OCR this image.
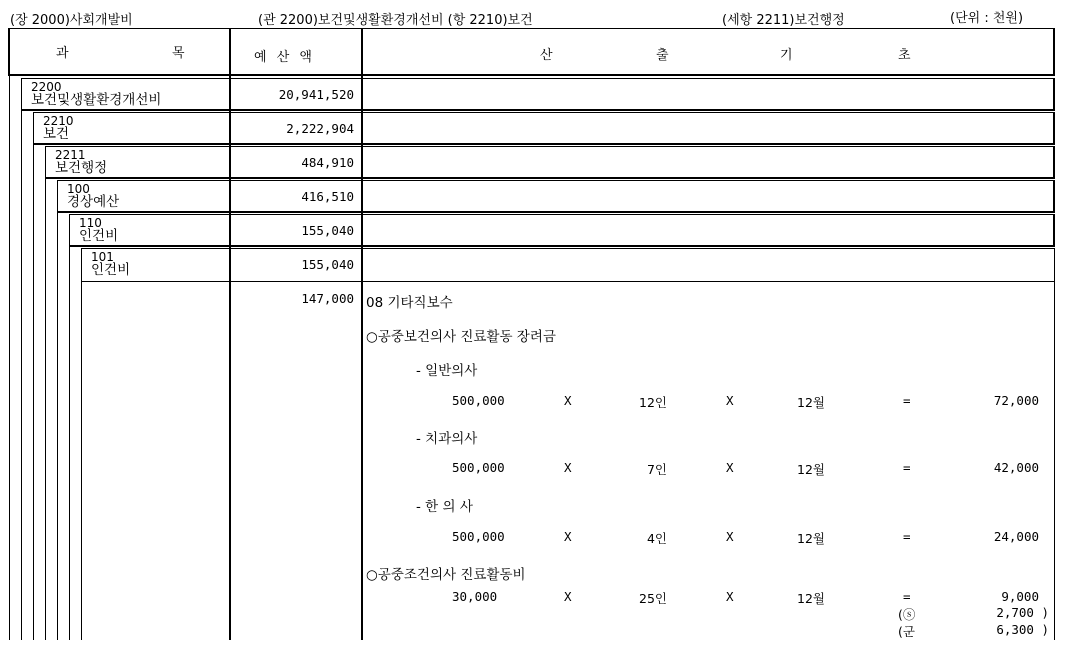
(장 2000)사회개발비	(관 2200)보건및생활환경개선비 (항 2210)보건	(세항 2211)보건행정	(단위 : 천원)
과	목	예 산 액	산	출	기	초
2200
보건및생활환경개선비	20,941,520
2210
보건	2,222,904
2211
보건행정	484,910
100
경상예산	416,510
110
인건비	155,040
101
인건비	155,040
147,000 08 기타직보수
○공중보건의사 진료활동 장려금
- 일반의사
500,000	X	12인	X	12월	=	72,000
- 치과의사
500,000	X	7인	X	12월	=	42,000
- 한 의 사
500,000	X	4인	X	12월	=	24,000
○공중조건의사 진료활동비
30,000	X	25인	X	12월	=	9,000
(ⓢ	2,700 )
(군	6,300 )
